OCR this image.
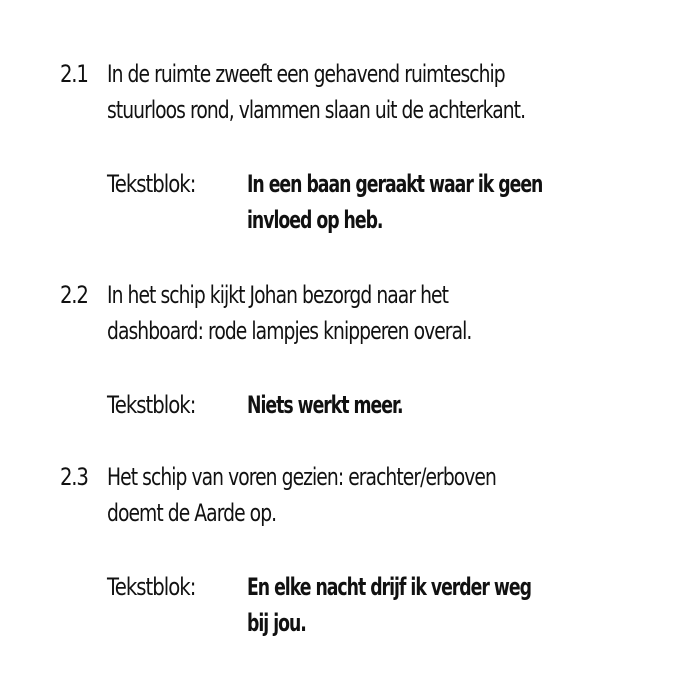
2.1 In de ruimte zweeft een gehavend ruimteschip
stuurloos rond, vlammen slaan uit de achterkant.
Tekstblok: In een baan geraakt waar ik geen
invloed op heb.
2.2 In het schip kijkt Johan bezorgd naar het
dashboard: rode lampjes knipperen overal.
Tekstblok: Niets werkt meer.
2.3 Het schip van voren gezien: erachter/erboven
doemt de Aarde op.
Tekstblok: En elke nacht drijf ik verder weg
bij jou.
